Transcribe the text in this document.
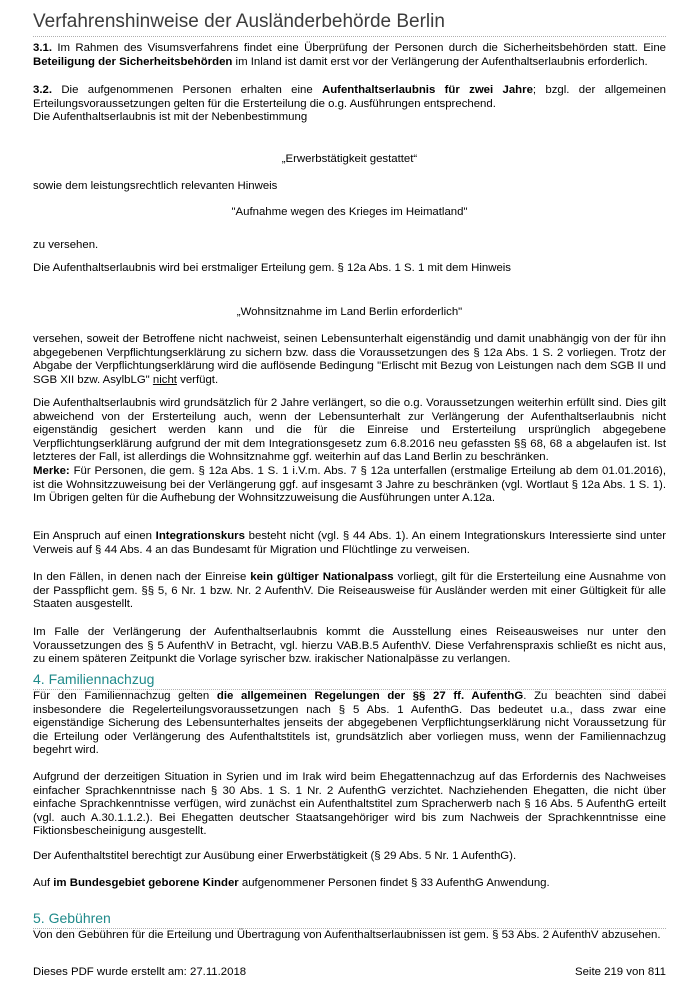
Verfahrenshinweise der Ausländerbehörde Berlin
3.1. Im Rahmen des Visumsverfahrens findet eine Überprüfung der Personen durch die Sicherheitsbehörden statt. Eine Beteiligung der Sicherheitsbehörden im Inland ist damit erst vor der Verlängerung der Aufenthaltserlaubnis erforderlich.

3.2. Die aufgenommenen Personen erhalten eine Aufenthaltserlaubnis für zwei Jahre; bzgl. der allgemeinen Erteilungsvoraussetzungen gelten für die Ersterteilung die o.g. Ausführungen entsprechend.

Die Aufenthaltserlaubnis ist mit der Nebenbestimmung

„Erwerbstätigkeit gestattet“
sowie dem leistungsrechtlich relevanten Hinweis
"Aufnahme wegen des Krieges im Heimatland"
zu versehen.
Die Aufenthaltserlaubnis wird bei erstmaliger Erteilung gem. § 12a Abs. 1 S. 1 mit dem Hinweis
„Wohnsitznahme im Land Berlin erforderlich"
versehen, soweit der Betroffene nicht nachweist, seinen Lebensunterhalt eigenständig und damit unabhängig von der für ihn abgegebenen Verpflichtungserklärung zu sichern bzw. dass die Voraussetzungen des § 12a Abs. 1 S. 2 vorliegen. Trotz der Abgabe der Verpflichtungserklärung wird die auflösende Bedingung "Erlischt mit Bezug von Leistungen nach dem SGB II und SGB XII bzw. AsylbLG" nicht verfügt.

Die Aufenthaltserlaubnis wird grundsätzlich für 2 Jahre verlängert, so die o.g. Voraussetzungen weiterhin erfüllt sind. Dies gilt abweichend von der Ersterteilung auch, wenn der Lebensunterhalt zur Verlängerung der Aufenthaltserlaubnis nicht eigenständig gesichert werden kann und die für die Einreise und Ersterteilung ursprünglich abgegebene Verpflichtungserklärung aufgrund der mit dem Integrationsgesetz zum 6.8.2016 neu gefassten §§ 68, 68 a abgelaufen ist. Ist letzteres der Fall, ist allerdings die Wohnsitznahme ggf. weiterhin auf das Land Berlin zu beschränken.

Merke: Für Personen, die gem. § 12a Abs. 1 S. 1 i.V.m. Abs. 7 § 12a unterfallen (erstmalige Erteilung ab dem 01.01.2016), ist die Wohnsitzzuweisung bei der Verlängerung ggf. auf insgesamt 3 Jahre zu beschränken (vgl. Wortlaut § 12a Abs. 1 S. 1). Im Übrigen gelten für die Aufhebung der Wohnsitzzuweisung die Ausführungen unter A.12a.

Ein Anspruch auf einen Integrationskurs besteht nicht (vgl. § 44 Abs. 1). An einem Integrationskurs Interessierte sind unter Verweis auf § 44 Abs. 4 an das Bundesamt für Migration und Flüchtlinge zu verweisen.
In den Fällen, in denen nach der Einreise kein gültiger Nationalpass vorliegt, gilt für die Ersterteilung eine Ausnahme von der Passpflicht gem. §§ 5, 6 Nr. 1 bzw. Nr. 2 AufenthV. Die Reiseausweise für Ausländer werden mit einer Gültigkeit für alle Staaten ausgestellt.
Im Falle der Verlängerung der Aufenthaltserlaubnis kommt die Ausstellung eines Reiseausweises nur unter den Voraussetzungen des § 5 AufenthV in Betracht, vgl. hierzu VAB.B.5 AufenthV. Diese Verfahrenspraxis schließt es nicht aus, zu einem späteren Zeitpunkt die Vorlage syrischer bzw. irakischer Nationalpässe zu verlangen.
4. Familiennachzug
Für den Familiennachzug gelten die allgemeinen Regelungen der §§ 27 ff. AufenthG. Zu beachten sind dabei insbesondere die Regelerteilungsvoraussetzungen nach § 5 Abs. 1 AufenthG. Das bedeutet u.a., dass zwar eine eigenständige Sicherung des Lebensunterhaltes jenseits der abgegebenen Verpflichtungserklärung nicht Voraussetzung für die Erteilung oder Verlängerung des Aufenthaltstitels ist, grundsätzlich aber vorliegen muss, wenn der Familiennachzug begehrt wird.
Aufgrund der derzeitigen Situation in Syrien und im Irak wird beim Ehegattennachzug auf das Erfordernis des Nachweises einfacher Sprachkenntnisse nach § 30 Abs. 1 S. 1 Nr. 2 AufenthG verzichtet. Nachziehenden Ehegatten, die nicht über einfache Sprachkenntnisse verfügen, wird zunächst ein Aufenthaltstitel zum Spracherwerb nach § 16 Abs. 5 AufenthG erteilt (vgl. auch A.30.1.1.2.). Bei Ehegatten deutscher Staatsangehöriger wird bis zum Nachweis der Sprachkenntnisse eine Fiktionsbescheinigung ausgestellt.
Der Aufenthaltstitel berechtigt zur Ausübung einer Erwerbstätigkeit (§ 29 Abs. 5 Nr. 1 AufenthG).
Auf im Bundesgebiet geborene Kinder aufgenommener Personen findet § 33 AufenthG Anwendung.
5. Gebühren
Von den Gebühren für die Erteilung und Übertragung von Aufenthaltserlaubnissen ist gem. § 53 Abs. 2 AufenthV abzusehen.
Dieses PDF wurde erstellt am: 27.11.2018	Seite 219 von 811
